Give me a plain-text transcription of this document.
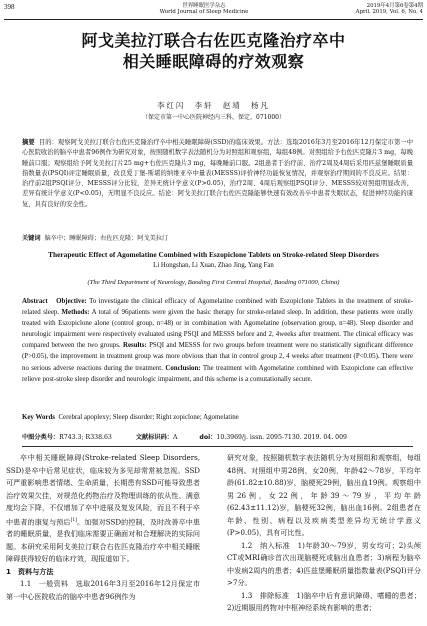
398	世界睡眠医学杂志
World Journal of Sleep Medicine
2019年4月第6卷第4期
April. 2019, Vol. 6, No. 4
阿戈美拉汀联合右佐匹克隆治疗卒中
相关睡眠障碍的疗效观察
李红闪　李轩　赵靖　杨凡
（保定市第一中心医院神经内三科，保定，071000）
摘要 目的：观察阿戈美拉汀联合右佐匹克隆治疗卒中相关睡眠障碍(SSD)的临床效果。方法：选取2016年3月至2016年12月保定市第一中心医院收治的脑卒中患者96例作为研究对象，按照随机数字表法随机分为对照组和观察组，每组48例。对照组给予右佐匹克隆片3 mg，每晚睡前口服；观察组给予阿戈美拉汀片25 mg+右佐匹克隆片3 mg，每晚睡前口服。2组患者于治疗前、治疗2周及4周后采用匹兹堡睡眠质量指数量表(PSQI)评定睡眠质量，改良爱丁堡-斯堪的纳维亚卒中量表(MESSS)评价神经功能恢复情况，并观察治疗期间的不良反应。结果：治疗前2组PSQI评分、MESSS评分比较，差异无统计学意义(P>0.05)，治疗2周、4周后观察组PSQI评分、MESSS较对照组明显改善，差异有统计学意义(P<0.05)，无明显不良反应。结论：阿戈美拉汀联合右佐匹克隆能够快速有效改善卒中患者失眠状态，促进神经功能的康复，具有良好的安全性。
关键词 脑卒中；睡眠障碍；右佐匹克隆；阿戈美拉汀
Therapeutic Effect of Agomelatine Combined with Eszopiclone Tablets on Stroke-related Sleep Disorders
Li Hongshan, Li Xuan, Zhao Jing, Yang Fan
(The Third Department of Neurology, Baoding First Central Hospital, Baoding 071000, China)
Abstract　Objective: To investigate the clinical efficacy of Agomelatine combined with Eszopiclone Tablets in the treatment of stroke-related sleep. Methods: A total of 96patients were given the basic therapy for stroke-related sleep. In addition, these patients were orally treated with Eszopiclone alone (control group, n=48) or in combination with Agomelatine (observation group, n=48). Sleep disorder and neurologic impairment were respectively evaluated using PSQI and MESSS before and 2, 4weeks after treatment. The clinical efficacy was compared between the two groups. Results: PSQI and MESSS for two groups before treatment were no statistically significant difference (P>0.05), the improvement in treatment group was more obvious than that in control group 2, 4 weeks after treatment (P<0.05). There were no serious adverse reactions during the treatment. Conclusion: The treatment with Agomelatine combined with Eszopiclone can effective relieve post-stroke sleep disorder and neurologic impairment, and this scheme is a comutationally secure.
Key Words Cerebral apoplexy; Sleep disorder; Right zopiclone; Agomelatine
中图分类号：R743.3; R338.63	文献标识码：A	doi：10.3969/j. issn. 2095-7130. 2019. 04. 009

卒中相关睡眠障碍(Stroke-related Sleep Disorders, SSD)是卒中后常见症状，临床较为多见却常常被忽视。SSD可严重影响患者情绪、生命质量，长期患有SSD可能导致患者治疗效果欠佳，对规范化药物治疗及物理训练的依从性、满意度均会下降，不仅增加了卒中进展及复发风险，而且不利于卒中患者的康复与预后[1]。加强对SSD的控制，及时改善卒中患者的睡眠质量，是我们临床需要正确面对和合理解决的实际问题。本研究采用阿戈美拉汀联合右佐匹克隆治疗卒中相关睡眠障碍获得较好的临床疗效，现报道如下。

1　资料与方法

1.1　一般资料　选取2016年3月至2016年12月保定市第一中心医院收治的脑卒中患者96例作为

研究对象，按照随机数字表法随机分为对照组和观察组，每组48例。对照组中男28例，女20例，年龄42～78岁，平均年龄(61.82±10.88)岁，脑梗死29例，脑出血19例。观察组中男26例，女22例，年龄39～79岁，平均年龄(62.43±11.12)岁，脑梗死32例，脑出血16例。2组患者在年龄、性别、病程以及疾病类型差异均无统计学意义(P>0.05)，具有可比性。

1.2　纳入标准　1)年龄30～79岁，男女均可；2)头颅CT或MRI确诊首次出现脑梗死或脑出血患者；3)病程为脑卒中发病2周内的患者；4)匹兹堡睡眠质量指数量表(PSQI)评分>7分。

1.3　排除标准　1)脑卒中后有意识障碍、嗜睡的患者；2)近期服用药物对中枢神经系统有影响的患者；
